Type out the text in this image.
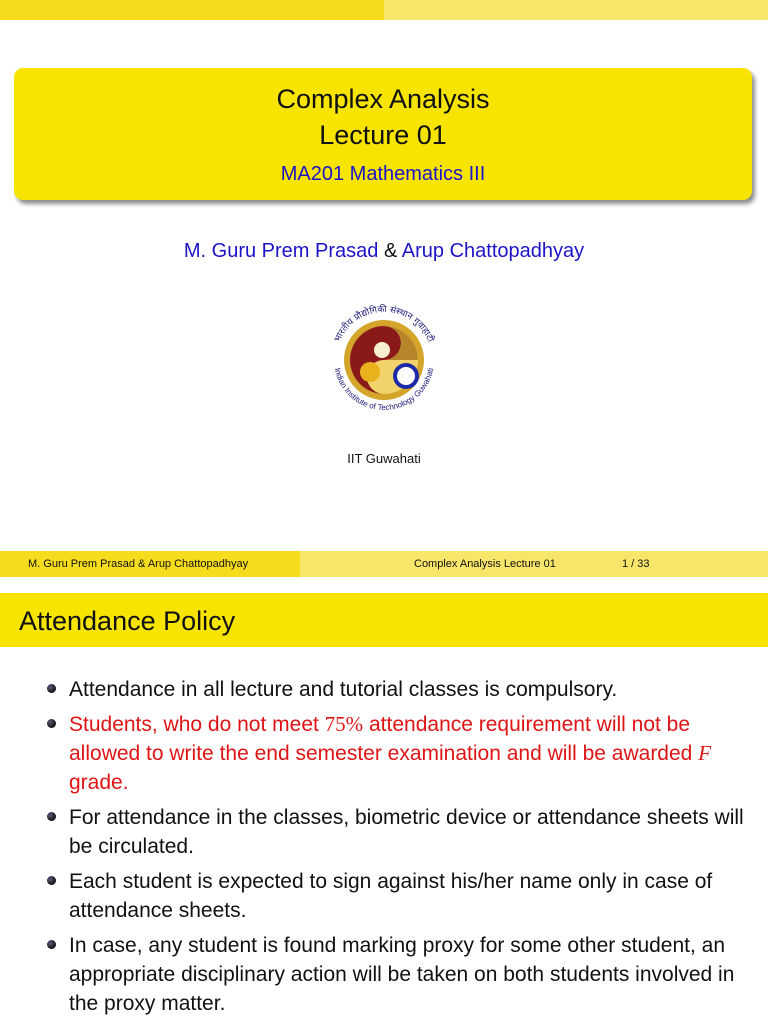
Complex Analysis
Lecture 01
MA201 Mathematics III
M. Guru Prem Prasad & Arup Chattopadhyay
भारतीय प्रौद्योगिकी संस्थान गुवाहाटी
Indian Institute of Technology Guwahati
IIT Guwahati
M. Guru Prem Prasad & Arup Chattopadhyay	Complex Analysis Lecture 01	1 / 33
Attendance Policy
Attendance in all lecture and tutorial classes is compulsory.
Students, who do not meet 75% attendance requirement will not be allowed to write the end semester examination and will be awarded F grade.
For attendance in the classes, biometric device or attendance sheets will be circulated.
Each student is expected to sign against his/her name only in case of attendance sheets.
In case, any student is found marking proxy for some other student, an appropriate disciplinary action will be taken on both students involved in the proxy matter.
